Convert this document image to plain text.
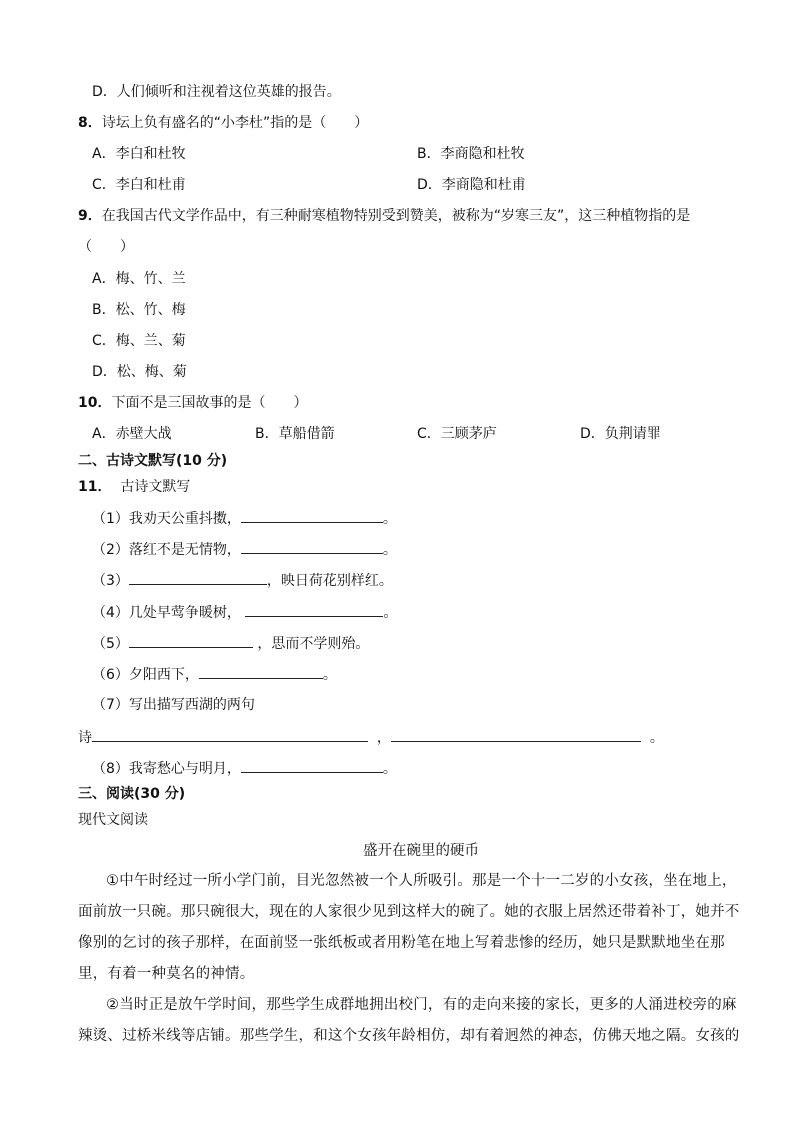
D．人们倾听和注视着这位英雄的报告。
8．诗坛上负有盛名的“小李杜”指的是（　　）
A．李白和杜牧	B．李商隐和杜牧
C．李白和杜甫	D．李商隐和杜甫
9．在我国古代文学作品中，有三种耐寒植物特别受到赞美，被称为“岁寒三友”，这三种植物指的是
（　　）
A．梅、竹、兰
B．松、竹、梅
C．梅、兰、菊
D．松、梅、菊
10．下面不是三国故事的是（　　）
A．赤壁大战	B．草船借箭	C．三顾茅庐	D．负荆请罪
二、古诗文默写(10 分)
11． 古诗文默写
（1）我劝天公重抖擞，	。
（2）落红不是无情物，	。
（3）	，映日荷花别样红。
（4）几处早莺争暖树，	。
（5）	，思而不学则殆。
（6）夕阳西下，	。
（7）写出描写西湖的两句
诗	，	。
（8）我寄愁心与明月，	。
三、阅读(30 分)
现代文阅读
盛开在碗里的硬币
①中午时经过一所小学门前，目光忽然被一个人所吸引。那是一个十一二岁的小女孩，坐在地上，面前放一只碗。那只碗很大，现在的人家很少见到这样大的碗了。她的衣服上居然还带着补丁，她并不像别的乞讨的孩子那样，在面前竖一张纸板或者用粉笔在地上写着悲惨的经历，她只是默默地坐在那里，有着一种莫名的神情。
②当时正是放午学时间，那些学生成群地拥出校门，有的走向来接的家长，更多的人涌进校旁的麻辣烫、过桥米线等店铺。那些学生，和这个女孩年龄相仿，却有着迥然的神态，仿佛天地之隔。女孩的
